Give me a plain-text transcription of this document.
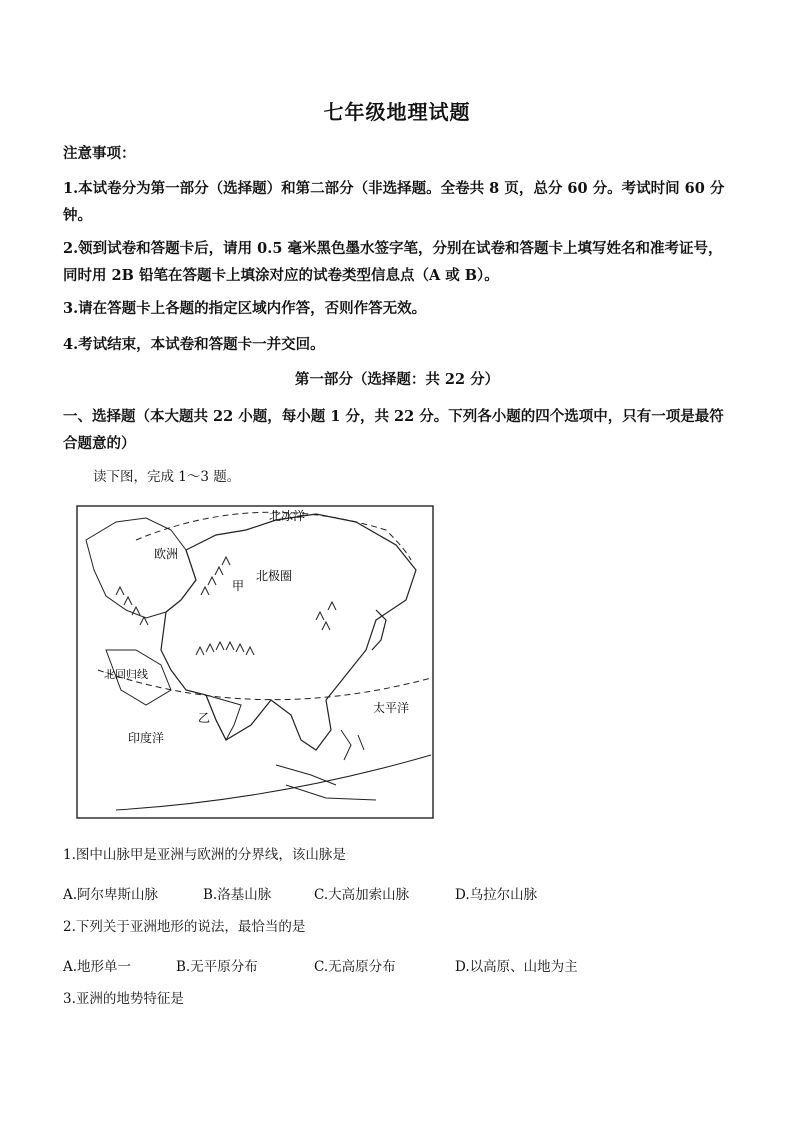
七年级地理试题
注意事项：
1.本试卷分为第一部分（选择题）和第二部分（非选择题。全卷共 8 页，总分 60 分。考试时间 60 分钟。
2.领到试卷和答题卡后，请用 0.5 毫米黑色墨水签字笔，分别在试卷和答题卡上填写姓名和准考证号，同时用 2B 铅笔在答题卡上填涂对应的试卷类型信息点（A 或 B）。
3.请在答题卡上各题的指定区域内作答，否则作答无效。
4.考试结束，本试卷和答题卡一并交回。
第一部分（选择题：共 22 分）
一、选择题（本大题共 22 小题，每小题 1 分，共 22 分。下列各小题的四个选项中，只有一项是最符合题意的）
读下图，完成 1～3 题。
北冰洋
欧洲
北极圈
甲
北回归线
太平洋
乙
印度洋
1.图中山脉甲是亚洲与欧洲的分界线，该山脉是
A.阿尔卑斯山脉	B.洛基山脉	C.大高加索山脉	D.乌拉尔山脉
2.下列关于亚洲地形的说法，最恰当的是
A.地形单一	B.无平原分布	C.无高原分布	D.以高原、山地为主
3.亚洲的地势特征是
